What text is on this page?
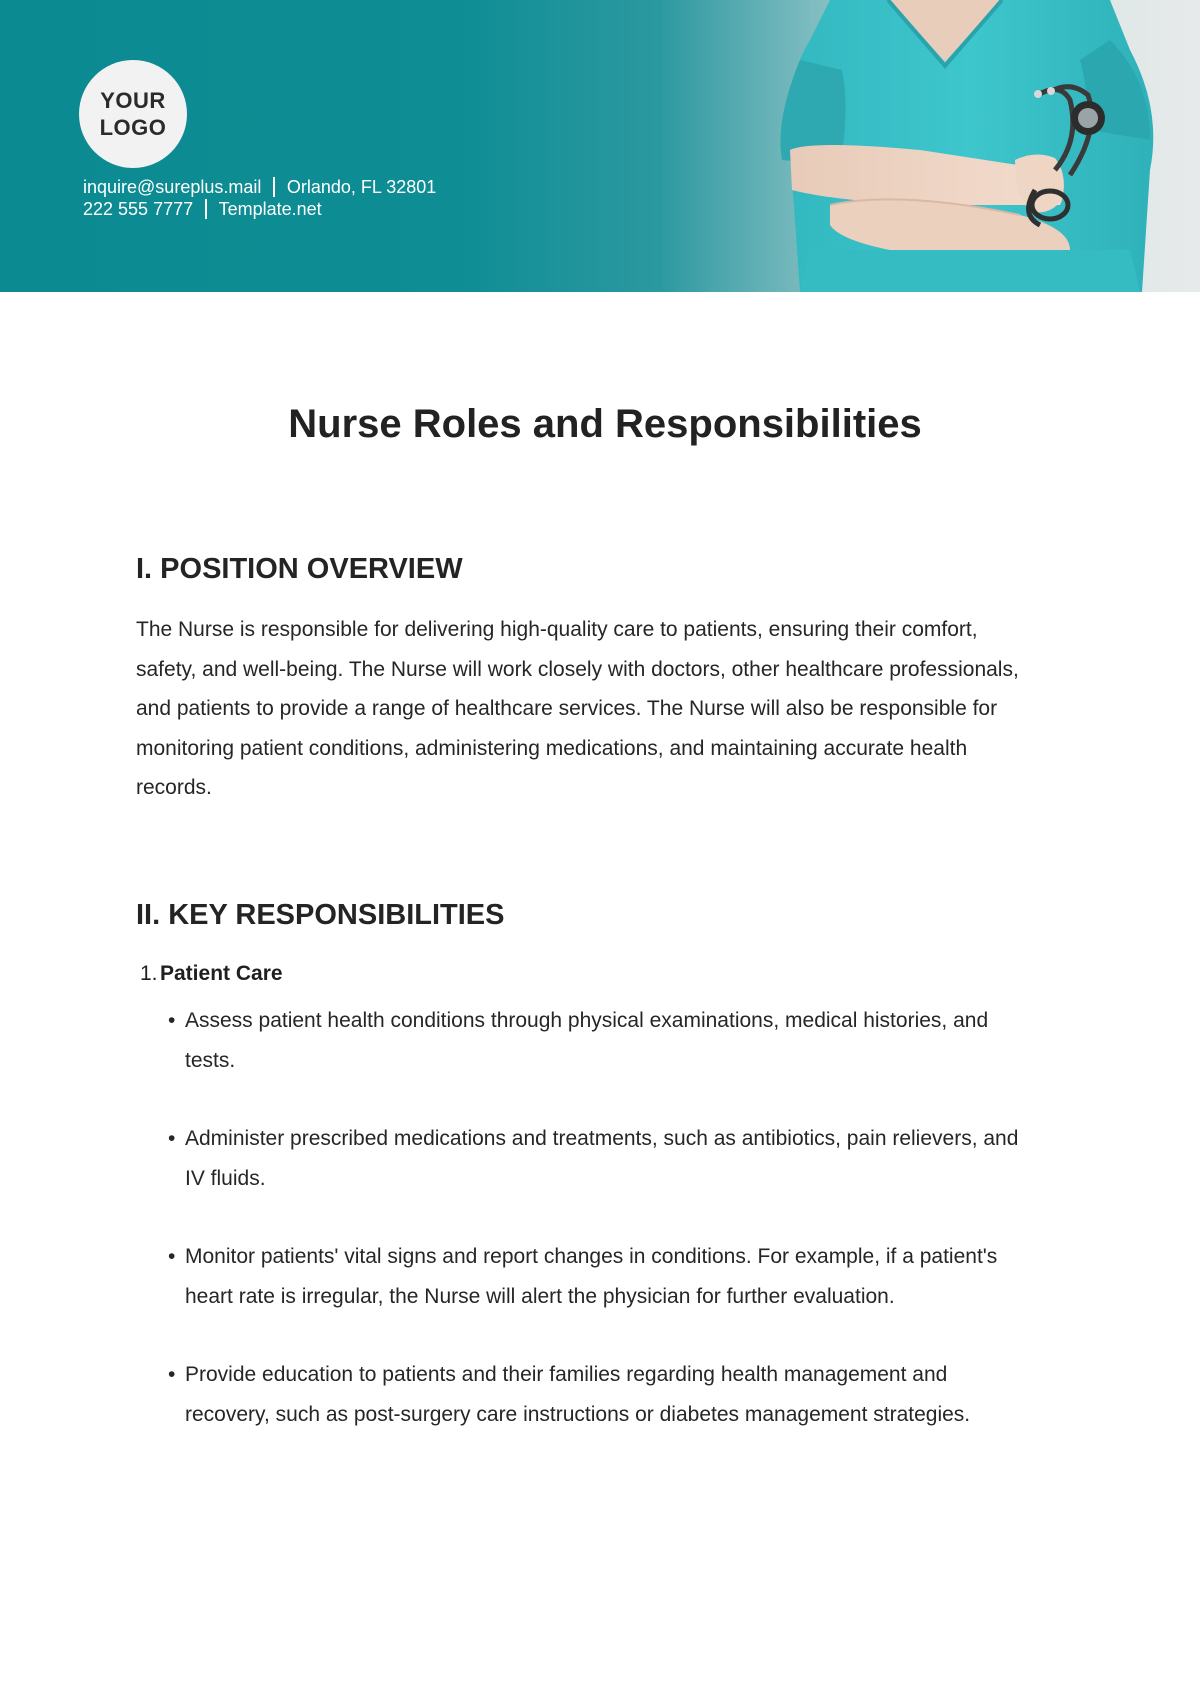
YOUR
LOGO
inquire@sureplus.mail Orlando, FL 32801
222 555 7777 Template.net
Nurse Roles and Responsibilities
I. POSITION OVERVIEW

The Nurse is responsible for delivering high-quality care to patients, ensuring their comfort, safety, and well-being. The Nurse will work closely with doctors, other healthcare professionals, and patients to provide a range of healthcare services. The Nurse will also be responsible for monitoring patient conditions, administering medications, and maintaining accurate health records.

II. KEY RESPONSIBILITIES
1. Patient Care
• Assess patient health conditions through physical examinations, medical histories, and tests.
• Administer prescribed medications and treatments, such as antibiotics, pain relievers, and IV fluids.
• Monitor patients' vital signs and report changes in conditions. For example, if a patient's heart rate is irregular, the Nurse will alert the physician for further evaluation.
• Provide education to patients and their families regarding health management and recovery, such as post-surgery care instructions or diabetes management strategies.
